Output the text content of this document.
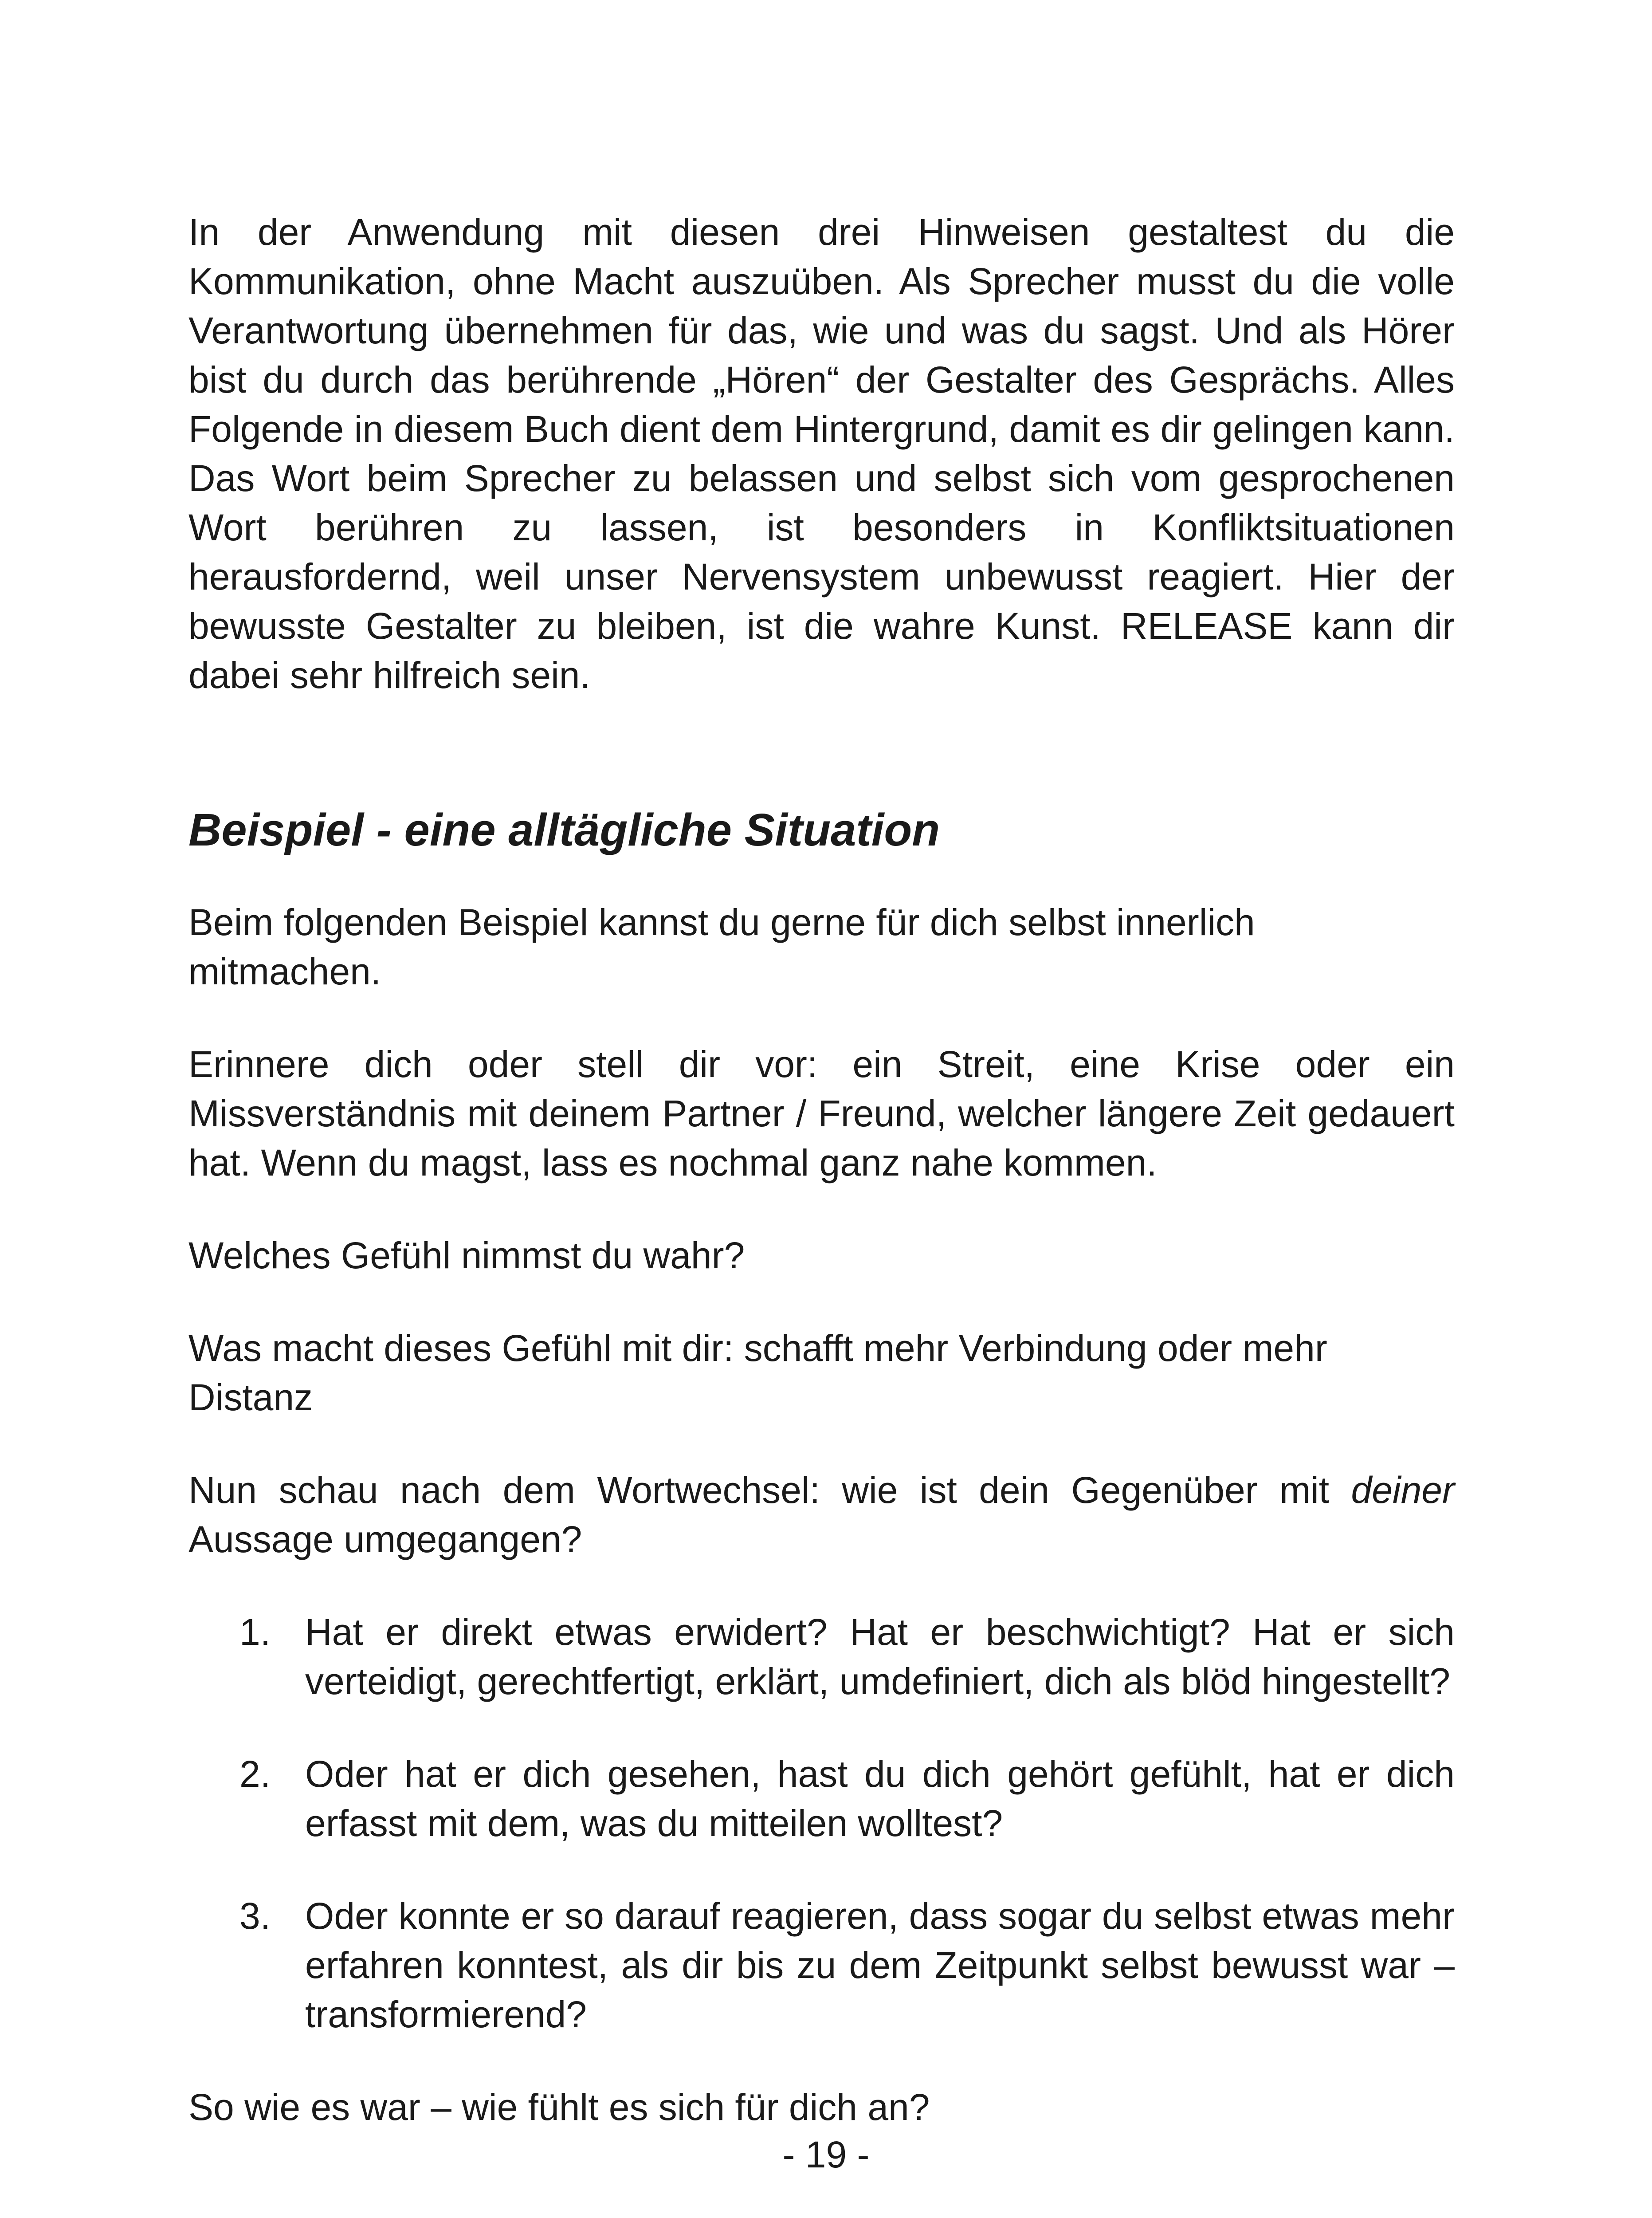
In der Anwendung mit diesen drei Hinweisen gestaltest du die Kommunikation, ohne Macht auszuüben. Als Sprecher musst du die volle Verantwortung übernehmen für das, wie und was du sagst. Und als Hörer bist du durch das berührende „Hören“ der Gestalter des Gesprächs. Alles Folgende in diesem Buch dient dem Hintergrund, damit es dir gelingen kann. Das Wort beim Sprecher zu belassen und selbst sich vom gesprochenen Wort berühren zu lassen, ist besonders in Konfliktsituationen herausfordernd, weil unser Nervensystem unbewusst reagiert. Hier der bewusste Gestalter zu bleiben, ist die wahre Kunst. RELEASE kann dir dabei sehr hilfreich sein.

Beispiel - eine alltägliche Situation

Beim folgenden Beispiel kannst du gerne für dich selbst innerlich mitmachen.

Erinnere dich oder stell dir vor: ein Streit, eine Krise oder ein Missverständnis mit deinem Partner / Freund, welcher längere Zeit gedauert hat. Wenn du magst, lass es nochmal ganz nahe kommen.

Welches Gefühl nimmst du wahr?

Was macht dieses Gefühl mit dir: schafft mehr Verbindung oder mehr Distanz

Nun schau nach dem Wortwechsel: wie ist dein Gegenüber mit deiner Aussage umgegangen?

1. Hat er direkt etwas erwidert? Hat er beschwichtigt? Hat er sich verteidigt, gerechtfertigt, erklärt, umdefiniert, dich als blöd hingestellt?
2. Oder hat er dich gesehen, hast du dich gehört gefühlt, hat er dich erfasst mit dem, was du mitteilen wolltest?
3. Oder konnte er so darauf reagieren, dass sogar du selbst etwas mehr erfahren konntest, als dir bis zu dem Zeitpunkt selbst bewusst war – transformierend?

So wie es war – wie fühlt es sich für dich an?

- 19 -
